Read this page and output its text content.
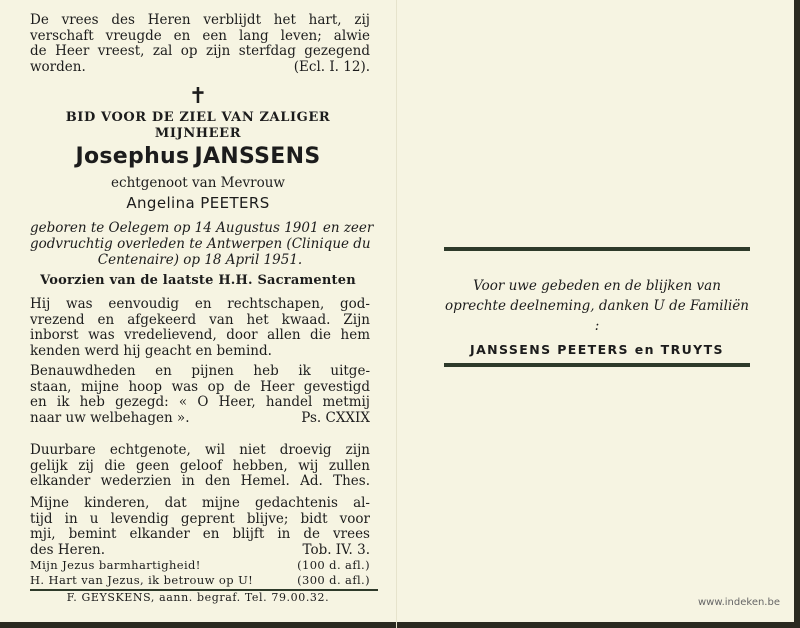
De vrees des Heren verblijdt het hart, zij
verschaft vreugde en een lang leven; alwie
de Heer vreest, zal op zijn sterfdag gezegend
worden.	(Ecl. I. 12).
✝
BID VOOR DE ZIEL VAN ZALIGER
MIJNHEER
Josephus JANSSENS
echtgenoot van Mevrouw
Angelina PEETERS
geboren te Oelegem op 14 Augustus 1901 en zeer
godvruchtig overleden te Antwerpen (Clinique du
Centenaire) op 18 April 1951.
Voorzien van de laatste H.H. Sacramenten
Hij was eenvoudig en rechtschapen, god-
vrezend en afgekeerd van het kwaad. Zijn
inborst was vredelievend, door allen die hem
kenden werd hij geacht en bemind.
Benauwdheden en pijnen heb ik uitge-
staan, mijne hoop was op de Heer gevestigd
en ik heb gezegd: « O Heer, handel metmij
naar uw welbehagen ».	Ps. CXXIX
Duurbare echtgenote, wil niet droevig zijn
gelijk zij die geen geloof hebben, wij zullen
elkander wederzien in den Hemel. Ad. Thes.
Mijne kinderen, dat mijne gedachtenis al-
tijd in u levendig geprent blijve; bidt voor
mji, bemint elkander en blijft in de vrees
des Heren.	Tob. IV. 3.
Mijn Jezus barmhartigheid!	(100 d. afl.)
H. Hart van Jezus, ik betrouw op U!	(300 d. afl.)
F. GEYSKENS, aann. begraf. Tel. 79.00.32.
Voor uwe gebeden en de blijken van
oprechte deelneming, danken U de Familiën :
JANSSENS PEETERS en TRUYTS
www.indeken.be
